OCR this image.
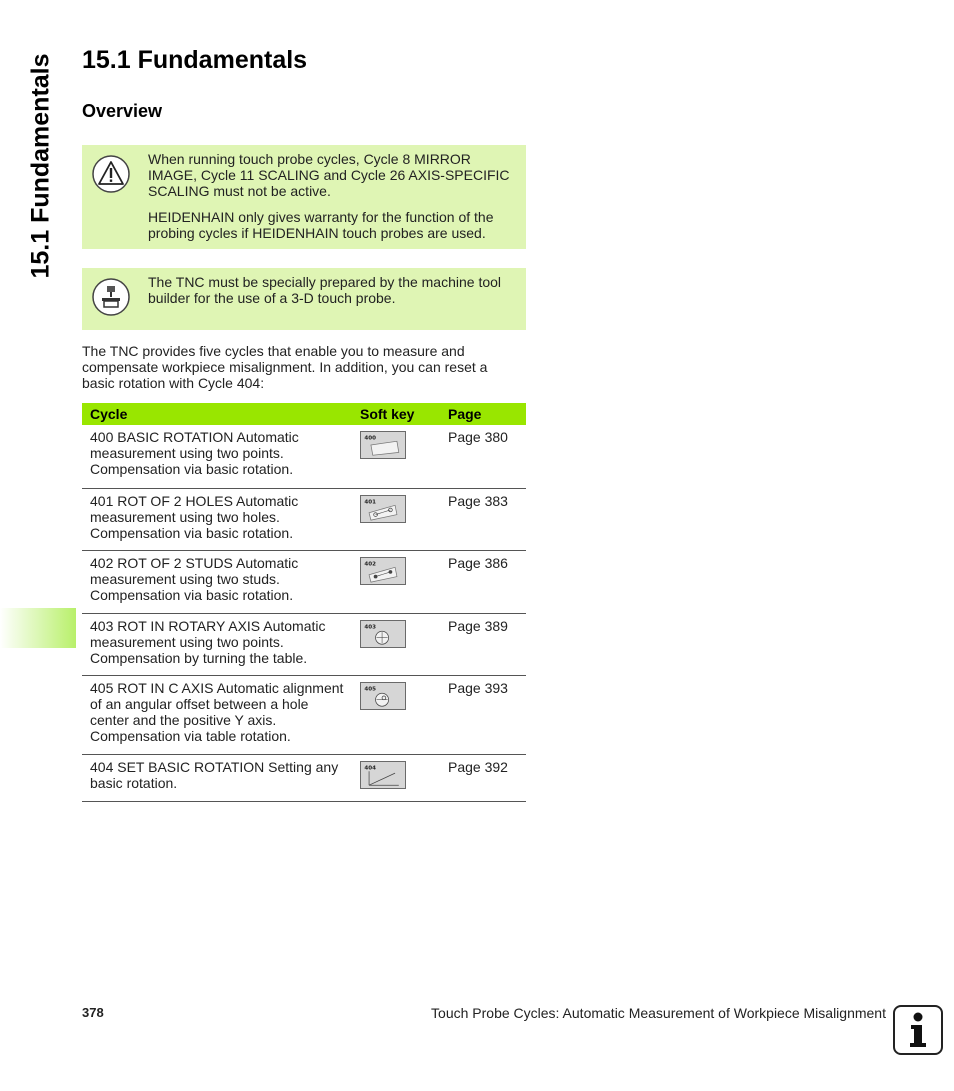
15.1 Fundamentals 15.1 Fundamentals
Overview

When running touch probe cycles, Cycle 8 MIRROR IMAGE, Cycle 11 SCALING and Cycle 26 AXIS-SPECIFIC SCALING must not be active.

HEIDENHAIN only gives warranty for the function of the probing cycles if HEIDENHAIN touch probes are used.

The TNC must be specially prepared by the machine tool builder for the use of a 3-D touch probe.

The TNC provides five cycles that enable you to measure and compensate workpiece misalignment. In addition, you can reset a basic rotation with Cycle 404:

Cycle	Soft key	Page
400 BASIC ROTATION Automatic measurement using two points. Compensation via basic rotation.	400	Page 380
401 ROT OF 2 HOLES Automatic measurement using two holes. Compensation via basic rotation.	401	Page 383
402 ROT OF 2 STUDS Automatic measurement using two studs. Compensation via basic rotation.	402	Page 386
403 ROT IN ROTARY AXIS Automatic measurement using two points. Compensation by turning the table.	403	Page 389
405 ROT IN C AXIS Automatic alignment of an angular offset between a hole center and the positive Y axis. Compensation via table rotation.	405	Page 393
404 SET BASIC ROTATION Setting any basic rotation.	404	Page 392
378	Touch Probe Cycles: Automatic Measurement of Workpiece Misalignment
